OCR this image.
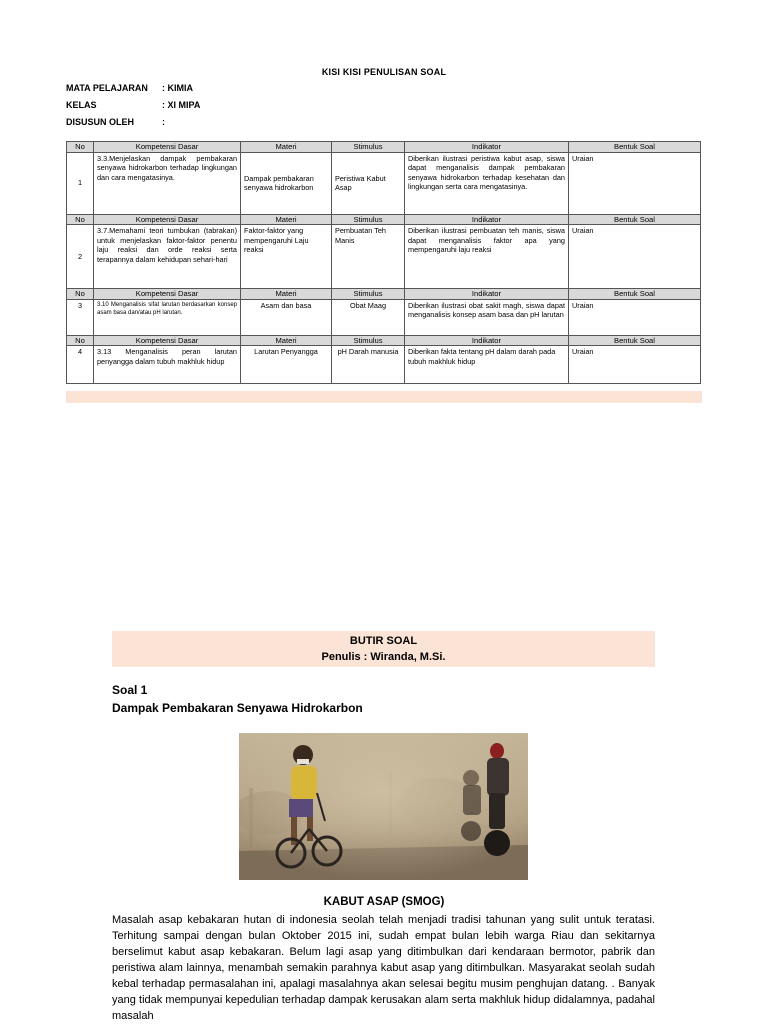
KISI KISI PENULISAN SOAL
MATA PELAJARAN	: KIMIA
KELAS	: XI MIPA
DISUSUN OLEH	:
No	Kompetensi Dasar	Materi	Stimulus	Indikator	Bentuk Soal
1	3.3.Menjelaskan dampak pembakaran senyawa hidrokarbon terhadap lingkungan dan cara mengatasinya.	Dampak pembakaran senyawa hidrokarbon	Peristiwa Kabut Asap	Diberikan ilustrasi peristiwa kabut asap, siswa dapat menganalisis dampak pembakaran senyawa hidrokarbon terhadap kesehatan dan lingkungan serta cara mengatasinya.	Uraian
No	Kompetensi Dasar	Materi	Stimulus	Indikator	Bentuk Soal
2	3.7.Memahami teori tumbukan (tabrakan) untuk menjelaskan faktor-faktor penentu laju reaksi dan orde reaksi serta terapannya dalam kehidupan sehari-hari	Faktor-faktor yang mempengaruhi Laju reaksi	Pembuatan Teh Manis	Diberikan ilustrasi pembuatan teh manis, siswa dapat menganalisis faktor apa yang mempengaruhi laju reaksi	Uraian
No	Kompetensi Dasar	Materi	Stimulus	Indikator	Bentuk Soal
3	3.10 Menganalisis sifat larutan berdasarkan konsep asam basa dan/atau pH larutan.	Asam dan basa	Obat Maag	Diberikan ilustrasi obat sakit magh, siswa dapat menganalisis konsep asam basa dan pH larutan	Uraian
No	Kompetensi Dasar	Materi	Stimulus	Indikator	Bentuk Soal
4	3.13 Menganalisis peran larutan penyangga dalam tubuh makhluk hidup	Larutan Penyangga	pH Darah manusia	Diberikan fakta tentang pH dalam darah pada tubuh makhluk hidup	Uraian
BUTIR SOAL
Penulis : Wiranda, M.Si.
Soal 1
Dampak Pembakaran Senyawa Hidrokarbon
KABUT ASAP (SMOG)
Masalah asap kebakaran hutan di indonesia seolah telah menjadi tradisi tahunan yang sulit untuk teratasi. Terhitung sampai dengan bulan Oktober 2015 ini, sudah empat bulan lebih warga Riau dan sekitarnya berselimut kabut asap kebakaran. Belum lagi asap yang ditimbulkan dari kendaraan bermotor, pabrik dan peristiwa alam lainnya, menambah semakin parahnya kabut asap yang ditimbulkan. Masyarakat seolah sudah kebal terhadap permasalahan ini, apalagi masalahnya akan selesai begitu musim penghujan datang. . Banyak yang tidak mempunyai kepedulian terhadap dampak kerusakan alam serta makhluk hidup didalamnya, padahal masalah
